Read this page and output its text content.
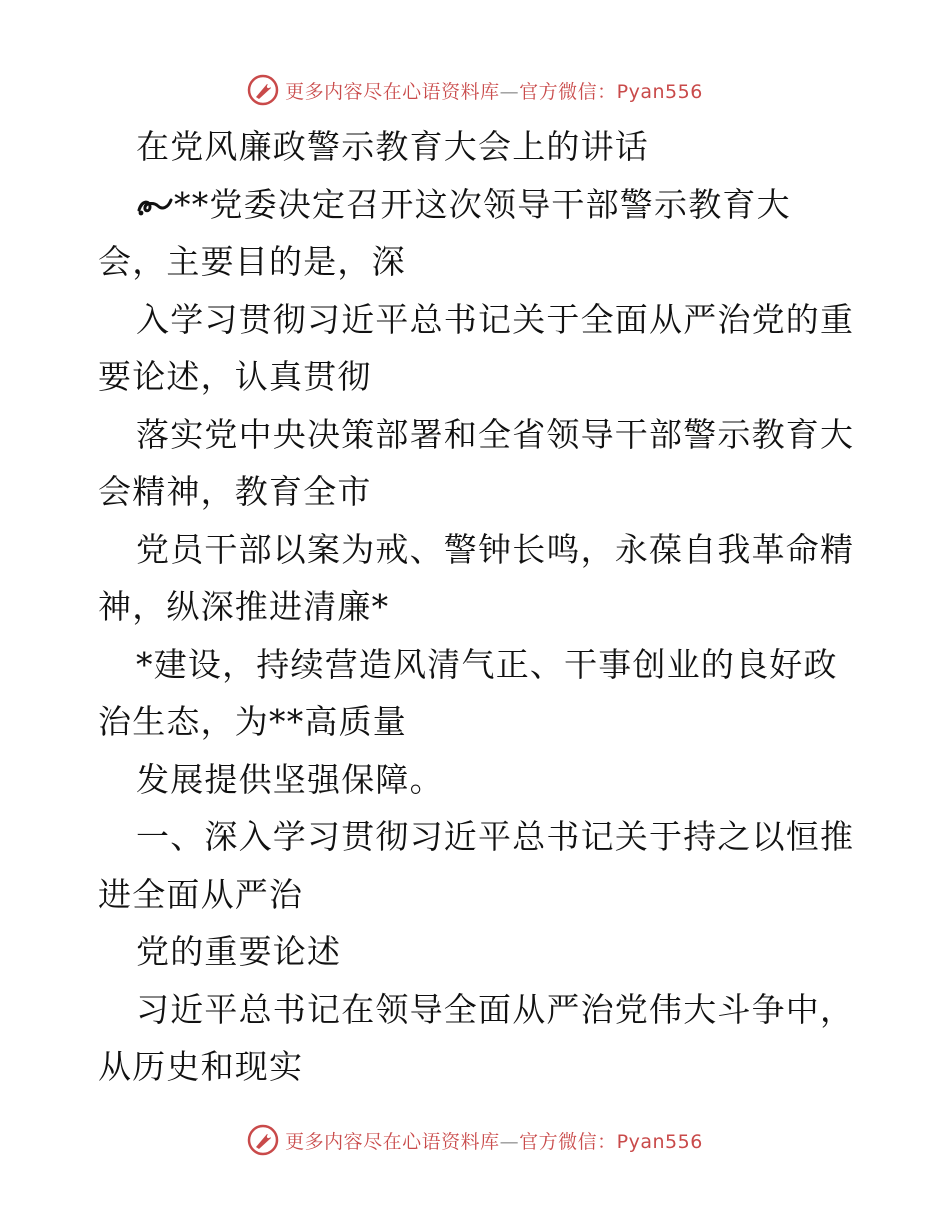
更多内容尽在心语资料库—官方微信：Pyan556
在党风廉政警示教育大会上的讲话
**党委决定召开这次领导干部警示教育大
会，主要目的是，深
入学习贯彻习近平总书记关于全面从严治党的重
要论述，认真贯彻
落实党中央决策部署和全省领导干部警示教育大
会精神，教育全市
党员干部以案为戒、警钟长鸣，永葆自我革命精
神，纵深推进清廉*
*建设，持续营造风清气正、干事创业的良好政
治生态，为**高质量
发展提供坚强保障。
一、深入学习贯彻习近平总书记关于持之以恒推
进全面从严治
党的重要论述
习近平总书记在领导全面从严治党伟大斗争中，
从历史和现实
更多内容尽在心语资料库—官方微信：Pyan556
